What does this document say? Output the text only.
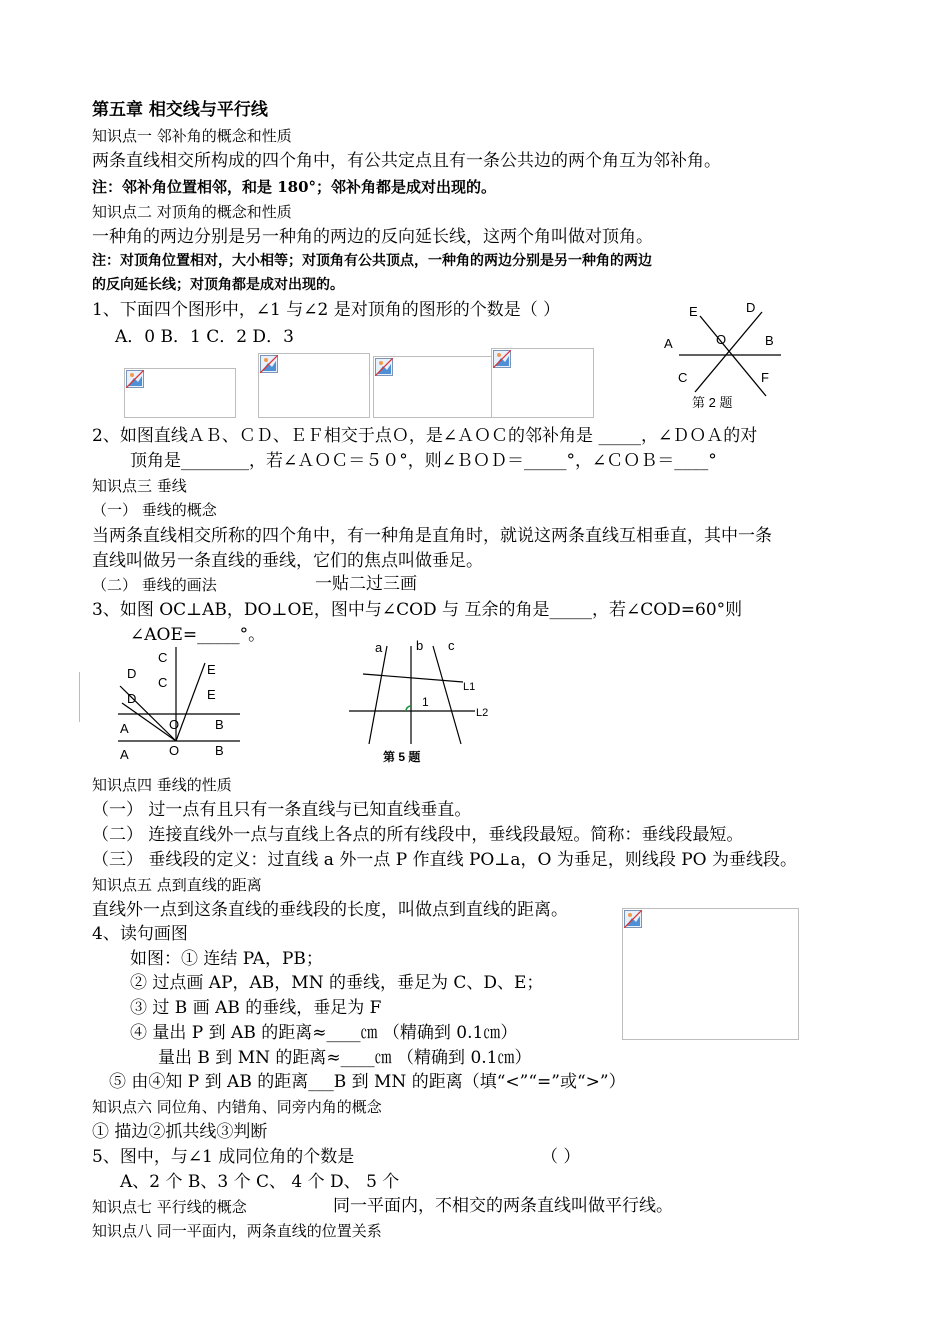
第五章 相交线与平行线
知识点一 邻补角的概念和性质
两条直线相交所构成的四个角中，有公共定点且有一条公共边的两个角互为邻补角。
注：邻补角位置相邻，和是 180°；邻补角都是成对出现的。
知识点二 对顶角的概念和性质
一种角的两边分别是另一种角的两边的反向延长线，这两个角叫做对顶角。
注：对顶角位置相对，大小相等；对顶角有公共顶点，一种角的两边分别是另一种角的两边
的反向延长线；对顶角都是成对出现的。
1、下面四个图形中，∠1 与∠2 是对顶角的图形的个数是（ ）
A．0 B．1 C．2 D．3	A	B
C
D
E
F
O
第 2 题
2、如图直线ＡＢ、ＣＤ、ＥＦ相交于点Ｏ，是∠ＡＯＣ的邻补角是 _____，∠ＤＯＡ的对
顶角是________，若∠ＡＯＣ＝５０°，则∠ＢＯＤ＝_____°，∠ＣＯＢ＝____°
知识点三 垂线
（一） 垂线的概念
当两条直线相交所称的四个角中，有一种角是直角时，就说这两条直线互相垂直，其中一条
直线叫做另一条直线的垂线，它们的焦点叫做垂足。
（二） 垂线的画法	一贴二过三画
3、如图 OC⊥AB，DO⊥OE，图中与∠COD 与 互余的角是_____，若∠COD=60°则
∠AOE=_____°。
C
C
D
D
E
E
A
A
O
O
B
B
a	b c
L1
L2
1
第 5 题
知识点四 垂线的性质
（一） 过一点有且只有一条直线与已知直线垂直。
（二） 连接直线外一点与直线上各点的所有线段中，垂线段最短。简称：垂线段最短。
（三） 垂线段的定义：过直线 a 外一点 P 作直线 PO⊥a，O 为垂足，则线段 PO 为垂线段。
知识点五 点到直线的距离
直线外一点到这条直线的垂线段的长度，叫做点到直线的距离。
4、读句画图
如图：① 连结 PA，PB；
② 过点画 AP，AB，MN 的垂线，垂足为 C、D、E；
③ 过 B 画 AB 的垂线，垂足为 F
④ 量出 P 到 AB 的距离≈____㎝ （精确到 0.1㎝）
量出 B 到 MN 的距离≈____㎝ （精确到 0.1㎝）
⑤ 由④知 P 到 AB 的距离___B 到 MN 的距离（填“<”“=”或“>”）
知识点六 同位角、内错角、同旁内角的概念
① 描边②抓共线③判断
5、图中，与∠1 成同位角的个数是	（ ）
A、2 个 B、3 个 C、 4 个 D、 5 个
知识点七 平行线的概念	同一平面内，不相交的两条直线叫做平行线。
知识点八 同一平面内，两条直线的位置关系
